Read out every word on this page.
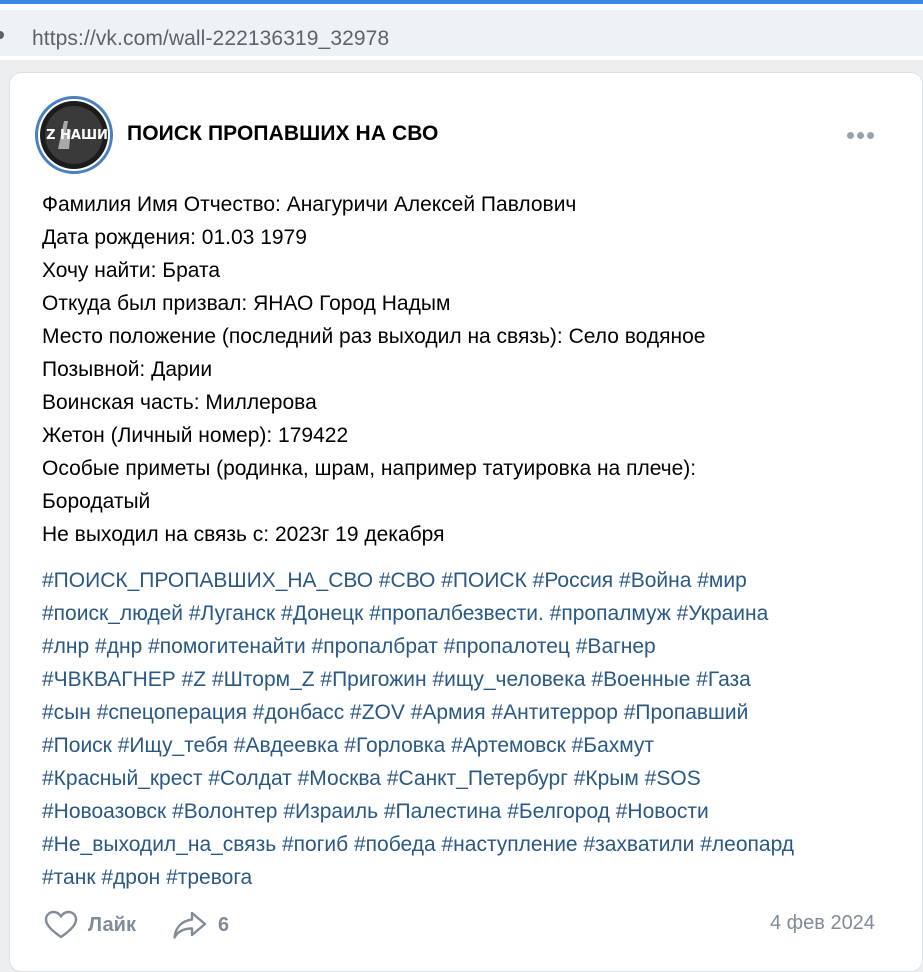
https://vk.com/wall-222136319_32978
Z НАШИ ПОИСК ПРОПАВШИХ НА СВО
Фамилия Имя Отчество: Анагуричи Алексей Павлович
Дата рождения: 01.03 1979
Хочу найти: Брата
Откуда был призвал: ЯНАО Город Надым
Место положение (последний раз выходил на связь): Село водяное
Позывной: Дарии
Воинская часть: Миллерова
Жетон (Личный номер): 179422
Особые приметы (родинка, шрам, например татуировка на плече):
Бородатый
Не выходил на связь с: 2023г 19 декабря
#ПОИСК_ПРОПАВШИХ_НА_СВО #СВО #ПОИСК #Россия #Война #мир
#поиск_людей #Луганск #Донецк #пропалбезвести. #пропалмуж #Украина
#лнр #днр #помогитенайти #пропалбрат #пропалотец #Вагнер
#ЧВКВАГНЕР #Z #Шторм_Z #Пригожин #ищу_человека #Военные #Газа
#сын #спецоперация #донбасс #ZOV #Армия #Антитеррор #Пропавший
#Поиск #Ищу_тебя #Авдеевка #Горловка #Артемовск #Бахмут
#Красный_крест #Солдат #Москва #Санкт_Петербург #Крым #SOS
#Новоазовск #Волонтер #Израиль #Палестина #Белгород #Новости
#Не_выходил_на_связь #погиб #победа #наступление #захватили #леопард
#танк #дрон #тревога
Лайк	6	4 фев 2024
